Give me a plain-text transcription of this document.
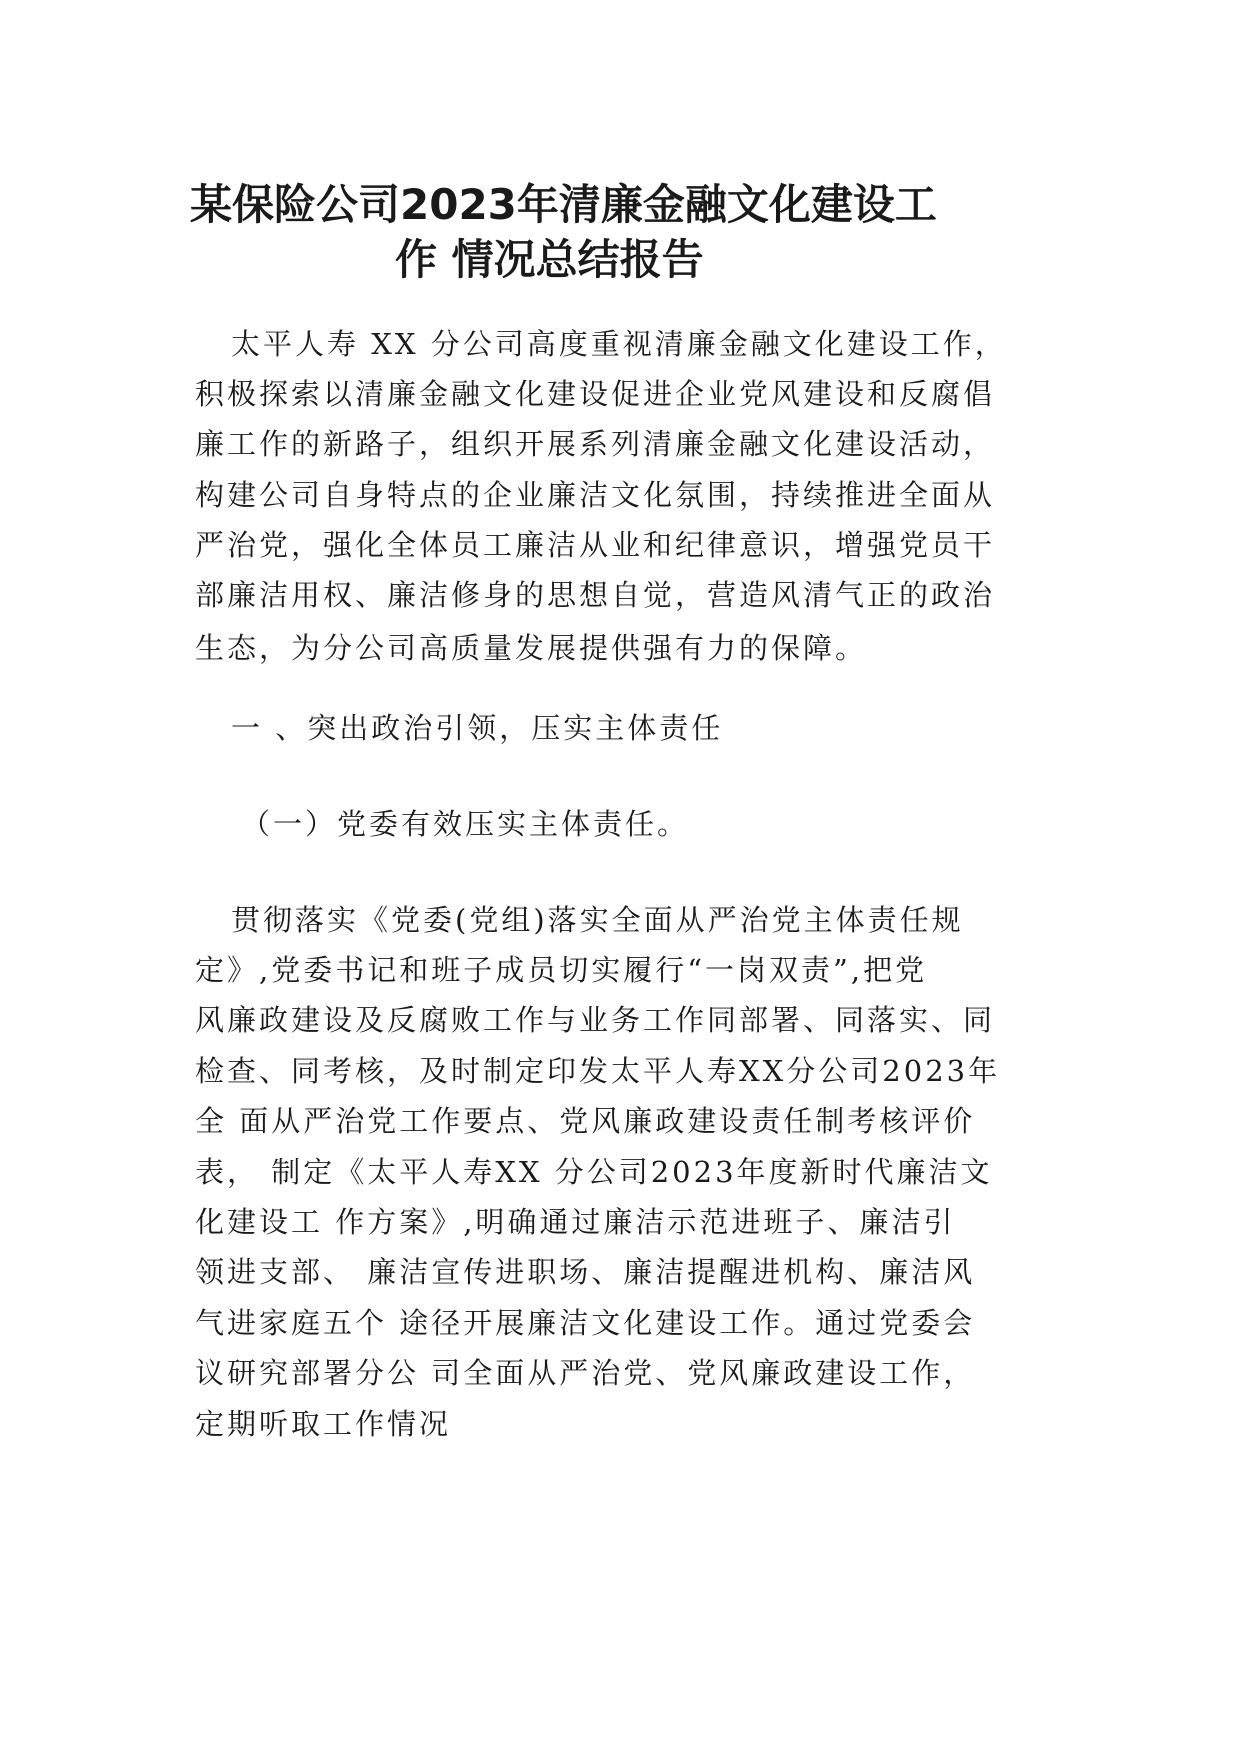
某保险公司2023年清廉金融文化建设工
作 情况总结报告
太平人寿 XX 分公司高度重视清廉金融文化建设工作，
积极探索以清廉金融文化建设促进企业党风建设和反腐倡
廉工作的新路子，组织开展系列清廉金融文化建设活动，
构建公司自身特点的企业廉洁文化氛围，持续推进全面从
严治党，强化全体员工廉洁从业和纪律意识，增强党员干
部廉洁用权、廉洁修身的思想自觉，营造风清气正的政治
生态，为分公司高质量发展提供强有力的保障。
一 、突出政治引领，压实主体责任
（一）党委有效压实主体责任。
贯彻落实《党委(党组)落实全面从严治党主体责任规
定》,党委书记和班子成员切实履行“一岗双责”,把党
风廉政建设及反腐败工作与业务工作同部署、同落实、同
检查、同考核，及时制定印发太平人寿XX分公司2023年
全 面从严治党工作要点、党风廉政建设责任制考核评价
表， 制定《太平人寿XX 分公司2023年度新时代廉洁文
化建设工 作方案》,明确通过廉洁示范进班子、廉洁引
领进支部、 廉洁宣传进职场、廉洁提醒进机构、廉洁风
气进家庭五个 途径开展廉洁文化建设工作。通过党委会
议研究部署分公 司全面从严治党、党风廉政建设工作，
定期听取工作情况
